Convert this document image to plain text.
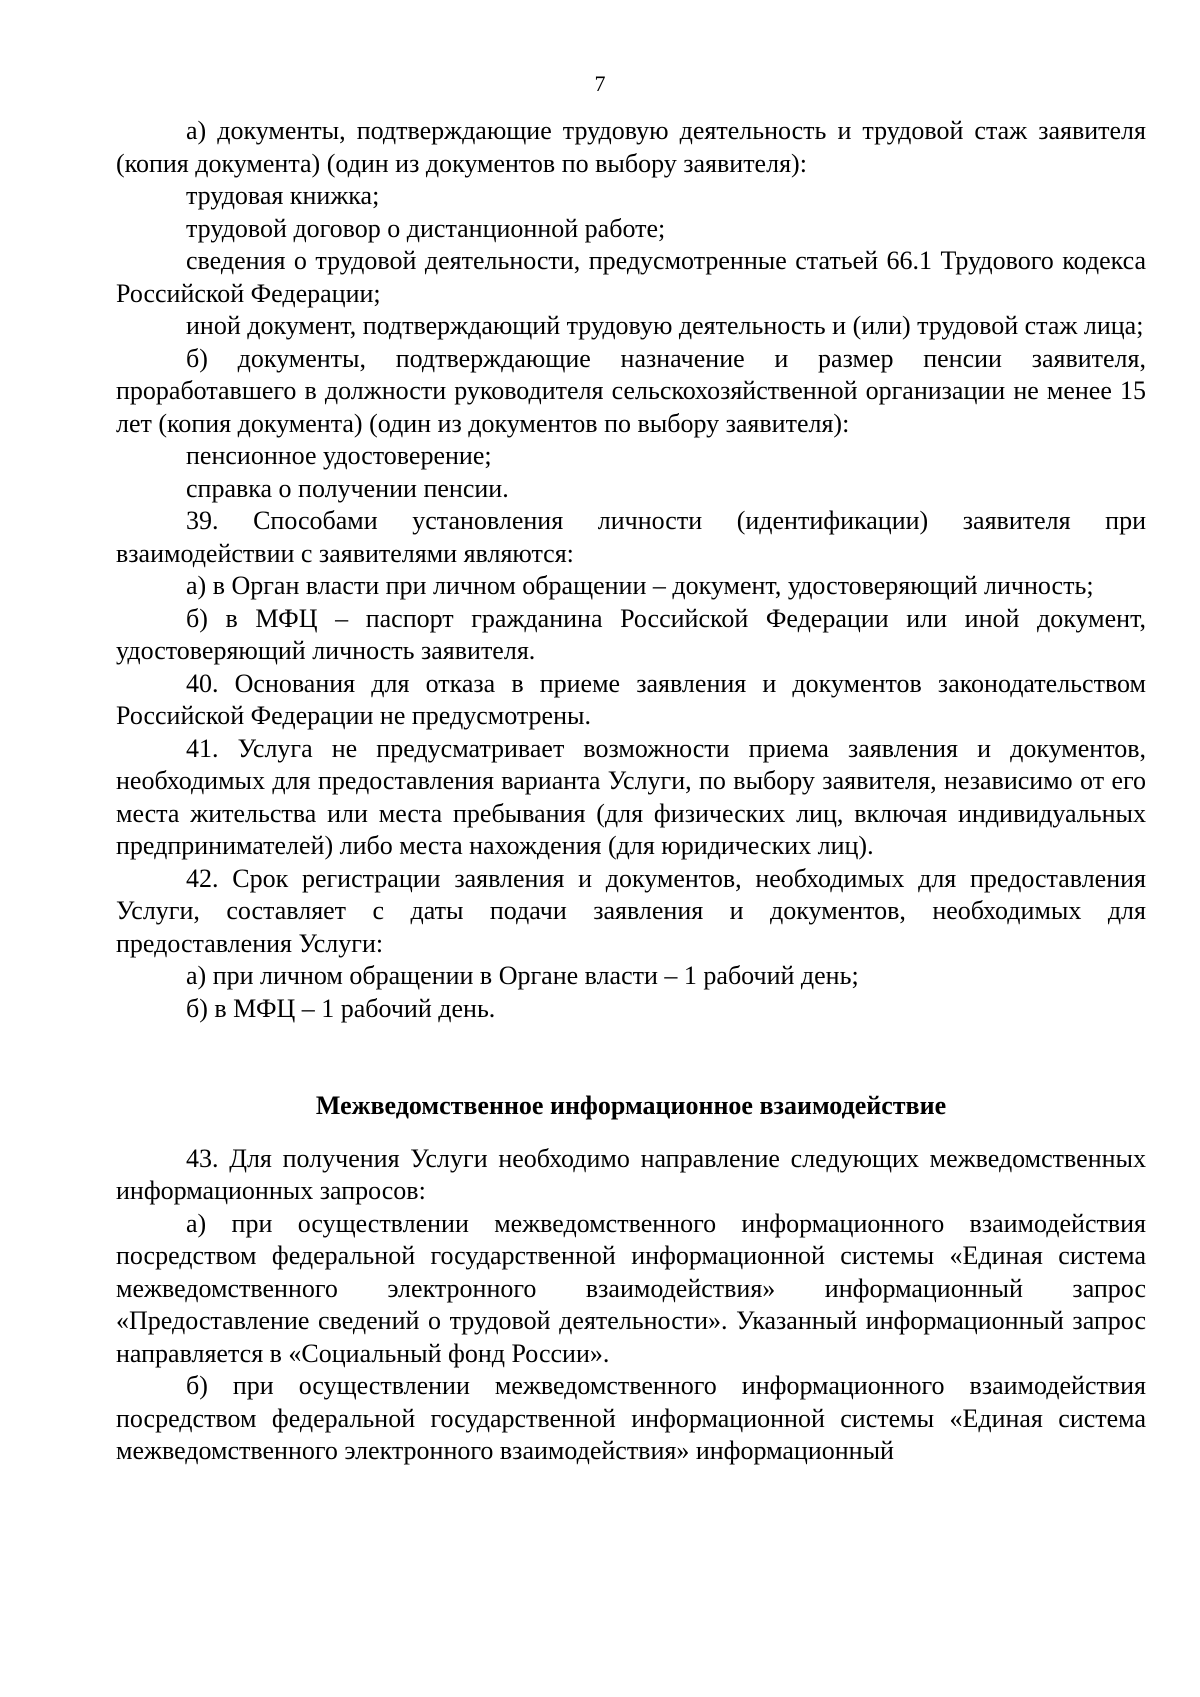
7

а) документы, подтверждающие трудовую деятельность и трудовой стаж заявителя (копия документа) (один из документов по выбору заявителя):

трудовая книжка;

трудовой договор о дистанционной работе;

сведения о трудовой деятельности, предусмотренные статьей 66.1 Трудового кодекса Российской Федерации;

иной документ, подтверждающий трудовую деятельность и (или) трудовой стаж лица;

б) документы, подтверждающие назначение и размер пенсии заявителя, проработавшего в должности руководителя сельскохозяйственной организации не менее 15 лет (копия документа) (один из документов по выбору заявителя):

пенсионное удостоверение;

справка о получении пенсии.

39. Способами установления личности (идентификации) заявителя при взаимодействии с заявителями являются:

а) в Орган власти при личном обращении – документ, удостоверяющий личность;

б) в МФЦ – паспорт гражданина Российской Федерации или иной документ, удостоверяющий личность заявителя.

40. Основания для отказа в приеме заявления и документов законодательством Российской Федерации не предусмотрены.

41. Услуга не предусматривает возможности приема заявления и документов, необходимых для предоставления варианта Услуги, по выбору заявителя, независимо от его места жительства или места пребывания (для физических лиц, включая индивидуальных предпринимателей) либо места нахождения (для юридических лиц).

42. Срок регистрации заявления и документов, необходимых для предоставления Услуги, составляет с даты подачи заявления и документов, необходимых для предоставления Услуги:

а) при личном обращении в Органе власти – 1 рабочий день;

б) в МФЦ – 1 рабочий день.

Межведомственное информационное взаимодействие

43. Для получения Услуги необходимо направление следующих межведомственных информационных запросов:

а) при осуществлении межведомственного информационного взаимодействия посредством федеральной государственной информационной системы «Единая система межведомственного электронного взаимодействия» информационный запрос «Предоставление сведений о трудовой деятельности». Указанный информационный запрос направляется в «Социальный фонд России».

б) при осуществлении межведомственного информационного взаимодействия посредством федеральной государственной информационной системы «Единая система межведомственного электронного взаимодействия» информационный
